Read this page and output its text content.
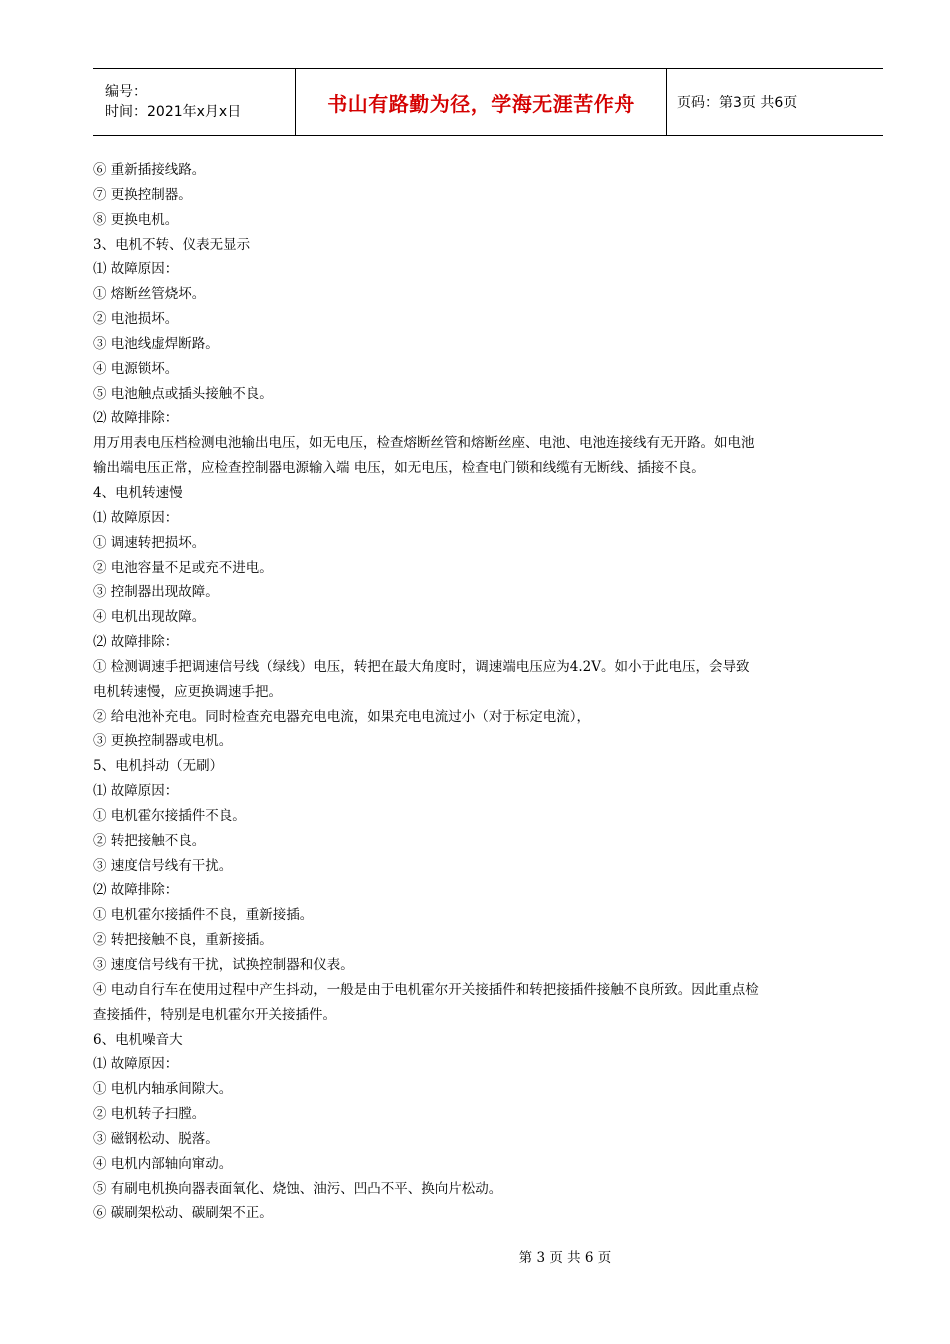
编号：
时间：2021年x月x日	书山有路勤为径，学海无涯苦作舟	页码：第3页 共6页

⑥ 重新插接线路。

⑦ 更换控制器。

⑧ 更换电机。

3、电机不转、仪表无显示

⑴ 故障原因：

① 熔断丝管烧坏。

② 电池损坏。

③ 电池线虚焊断路。

④ 电源锁坏。

⑤ 电池触点或插头接触不良。

⑵ 故障排除：

用万用表电压档检测电池输出电压，如无电压，检查熔断丝管和熔断丝座、电池、电池连接线有无开路。如电池

输出端电压正常，应检查控制器电源输入端 电压，如无电压，检查电门锁和线缆有无断线、插接不良。

4、电机转速慢

⑴ 故障原因：

① 调速转把损坏。

② 电池容量不足或充不进电。

③ 控制器出现故障。

④ 电机出现故障。

⑵ 故障排除：

① 检测调速手把调速信号线（绿线）电压，转把在最大角度时，调速端电压应为4.2V。如小于此电压，会导致

电机转速慢，应更换调速手把。

② 给电池补充电。同时检查充电器充电电流，如果充电电流过小（对于标定电流），

③ 更换控制器或电机。

5、电机抖动（无刷）

⑴ 故障原因：

① 电机霍尔接插件不良。

② 转把接触不良。

③ 速度信号线有干扰。

⑵ 故障排除：

① 电机霍尔接插件不良，重新接插。

② 转把接触不良，重新接插。

③ 速度信号线有干扰，试换控制器和仪表。

④ 电动自行车在使用过程中产生抖动，一般是由于电机霍尔开关接插件和转把接插件接触不良所致。因此重点检

查接插件，特别是电机霍尔开关接插件。

6、电机噪音大

⑴ 故障原因：

① 电机内轴承间隙大。

② 电机转子扫膛。

③ 磁钢松动、脱落。

④ 电机内部轴向窜动。

⑤ 有刷电机换向器表面氧化、烧蚀、油污、凹凸不平、换向片松动。

⑥ 碳刷架松动、碳刷架不正。

第 3 页 共 6 页
